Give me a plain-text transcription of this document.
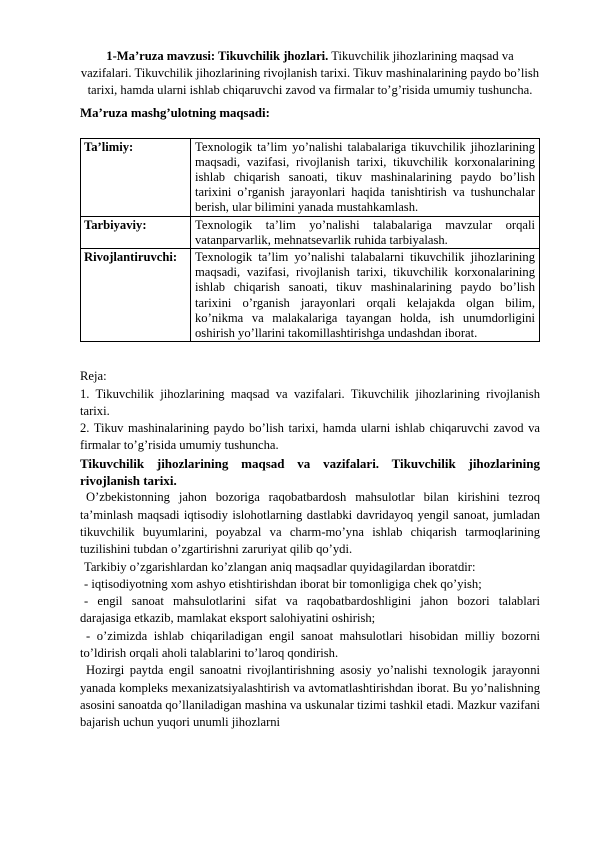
1-Ma’ruza mavzusi: Tikuvchilik jhozlari. Tikuvchilik jihozlarining maqsad va vazifalari. Tikuvchilik jihozlarining rivojlanish tarixi. Tikuv mashinalarining paydo bo’lish tarixi, hamda ularni ishlab chiqaruvchi zavod va firmalar to’g’risida umumiy tushuncha.

Ma’ruza mashg’ulotning maqsadi:

Ta’limiy:	Texnologik ta’lim yo’nalishi talabalariga tikuvchilik jihozlarining maqsadi, vazifasi, rivojlanish tarixi, tikuvchilik korxonalarining ishlab chiqarish sanoati, tikuv mashinalarining paydo bo’lish tarixini o’rganish jarayonlari haqida tanishtirish va tushunchalar berish, ular bilimini yanada mustahkamlash.
Tarbiyaviy:	Texnologik ta’lim yo’nalishi talabalariga mavzular orqali vatanparvarlik, mehnatsevarlik ruhida tarbiyalash.
Rivojlantiruvchi:	Texnologik ta’lim yo’nalishi talabalarni tikuvchilik jihozlarining maqsadi, vazifasi, rivojlanish tarixi, tikuvchilik korxonalarining ishlab chiqarish sanoati, tikuv mashinalarining paydo bo’lish tarixini o’rganish jarayonlari orqali kelajakda olgan bilim, ko’nikma va malakalariga tayangan holda, ish unumdorligini oshirish yo’llarini takomillashtirishga undashdan iborat.

Reja:

1. Tikuvchilik jihozlarining maqsad va vazifalari. Tikuvchilik jihozlarining rivojlanish tarixi.

2. Tikuv mashinalarining paydo bo’lish tarixi, hamda ularni ishlab chiqaruvchi zavod va firmalar to’g’risida umumiy tushuncha.

Tikuvchilik jihozlarining maqsad va vazifalari. Tikuvchilik jihozlarining rivojlanish tarixi.

O’zbekistonning jahon bozoriga raqobatbardosh mahsulotlar bilan kirishini tezroq ta’minlash maqsadi iqtisodiy islohotlarning dastlabki davridayoq yengil sanoat, jumladan tikuvchilik buyumlarini, poyabzal va charm-mo’yna ishlab chiqarish tarmoqlarining tuzilishini tubdan o’zgartirishni zaruriyat qilib qo’ydi.

Tarkibiy o’zgarishlardan ko’zlangan aniq maqsadlar quyidagilardan iboratdir:

- iqtisodiyotning xom ashyo etishtirishdan iborat bir tomonligiga chek qo’yish;

- engil sanoat mahsulotlarini sifat va raqobatbardoshligini jahon bozori talablari darajasiga etkazib, mamlakat eksport salohiyatini oshirish;

- o’zimizda ishlab chiqariladigan engil sanoat mahsulotlari hisobidan milliy bozorni to’ldirish orqali aholi talablarini to’laroq qondirish.

Hozirgi paytda engil sanoatni rivojlantirishning asosiy yo’nalishi texnologik jarayonni yanada kompleks mexanizatsiyalashtirish va avtomatlashtirishdan iborat. Bu yo’nalishning asosini sanoatda qo’llaniladigan mashina va uskunalar tizimi tashkil etadi. Mazkur vazifani bajarish uchun yuqori unumli jihozlarni
